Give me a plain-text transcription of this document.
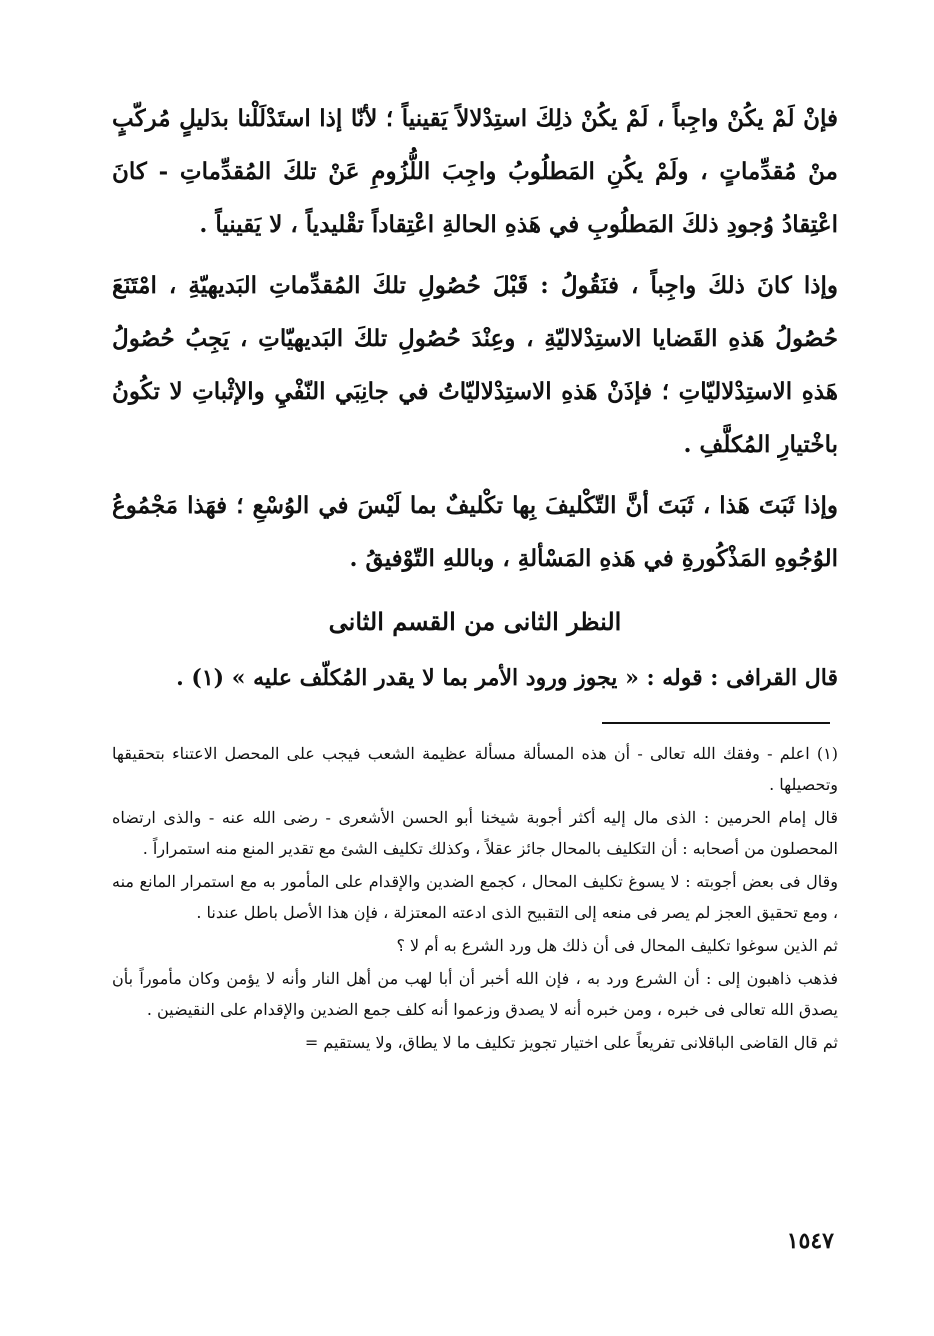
فإنْ لَمْ يكُنْ واجِباً ، لَمْ يكُنْ ذلِكَ استِدْلالاً يَقينياً ؛ لأنّا إذا استَدْلَلْنا بدَليلٍ مُركّبٍ منْ مُقدِّماتٍ ، ولَمْ يكُنِ المَطلُوبُ واجِبَ اللُّزُومِ عَنْ تلكَ المُقدِّماتِ - كانَ اعْتِقادُ وُجودِ ذلكَ المَطلُوبِ في هَذهِ الحالةِ اعْتِقاداً تقْليدياً ، لا يَقينياً .

وإذا كانَ ذلكَ واجِباً ، فنَقُولُ : قَبْلَ حُصُولِ تلكَ المُقدِّماتِ البَديهيّةِ ، امْتَنَعَ حُصُولُ هَذهِ القَضايا الاستِدْلاليّةِ ، وعِنْدَ حُصُولِ تلكَ البَديهيّاتِ ، يَجِبُ حُصُولُ هَذهِ الاستِدْلاليّاتِ ؛ فإذَنْ هَذهِ الاستِدْلاليّاتُ في جانِبَي النّفْيِ والإثْباتِ لا تكُونُ باخْتيارِ المُكلَّفِ .

وإذا ثَبَتَ هَذا ، ثَبَتَ أنَّ التّكْليفَ بِها تكْليفٌ بما لَيْسَ في الوُسْعِ ؛ فهَذا مَجْمُوعُ الوُجُوهِ المَذْكُورةِ في هَذهِ المَسْألةِ ، وباللهِ التّوْفيقُ .

النظر الثانى من القسم الثانى

قال القرافى : قوله : « يجوز ورود الأمر بما لا يقدر المُكلّف عليه » (١) .

(١) اعلم - وفقك الله تعالى - أن هذه المسألة مسألة عظيمة الشعب فيجب على المحصل الاعتناء بتحقيقها وتحصيلها .

قال إمام الحرمين : الذى مال إليه أكثر أجوبة شيخنا أبو الحسن الأشعرى - رضى الله عنه - والذى ارتضاه المحصلون من أصحابه : أن التكليف بالمحال جائز عقلاً ، وكذلك تكليف الشئ مع تقدير المنع منه استمراراً .

وقال فى بعض أجوبته : لا يسوغ تكليف المحال ، كجمع الضدين والإقدام على المأمور به مع استمرار المانع منه ، ومع تحقيق العجز لم يصر فى منعه إلى التقبيح الذى ادعته المعتزلة ، فإن هذا الأصل باطل عندنا .

ثم الذين سوغوا تكليف المحال فى أن ذلك هل ورد الشرع به أم لا ؟

فذهب ذاهبون إلى : أن الشرع ورد به ، فإن الله أخبر أن أبا لهب من أهل النار وأنه لا يؤمن وكان مأموراً بأن يصدق الله تعالى فى خبره ، ومن خبره أنه لا يصدق وزعموا أنه كلف جمع الضدين والإقدام على النقيضين .

ثم قال القاضى الباقلانى تفريعاً على اختيار تجويز تكليف ما لا يطاق، ولا يستقيم =

١٥٤٧
